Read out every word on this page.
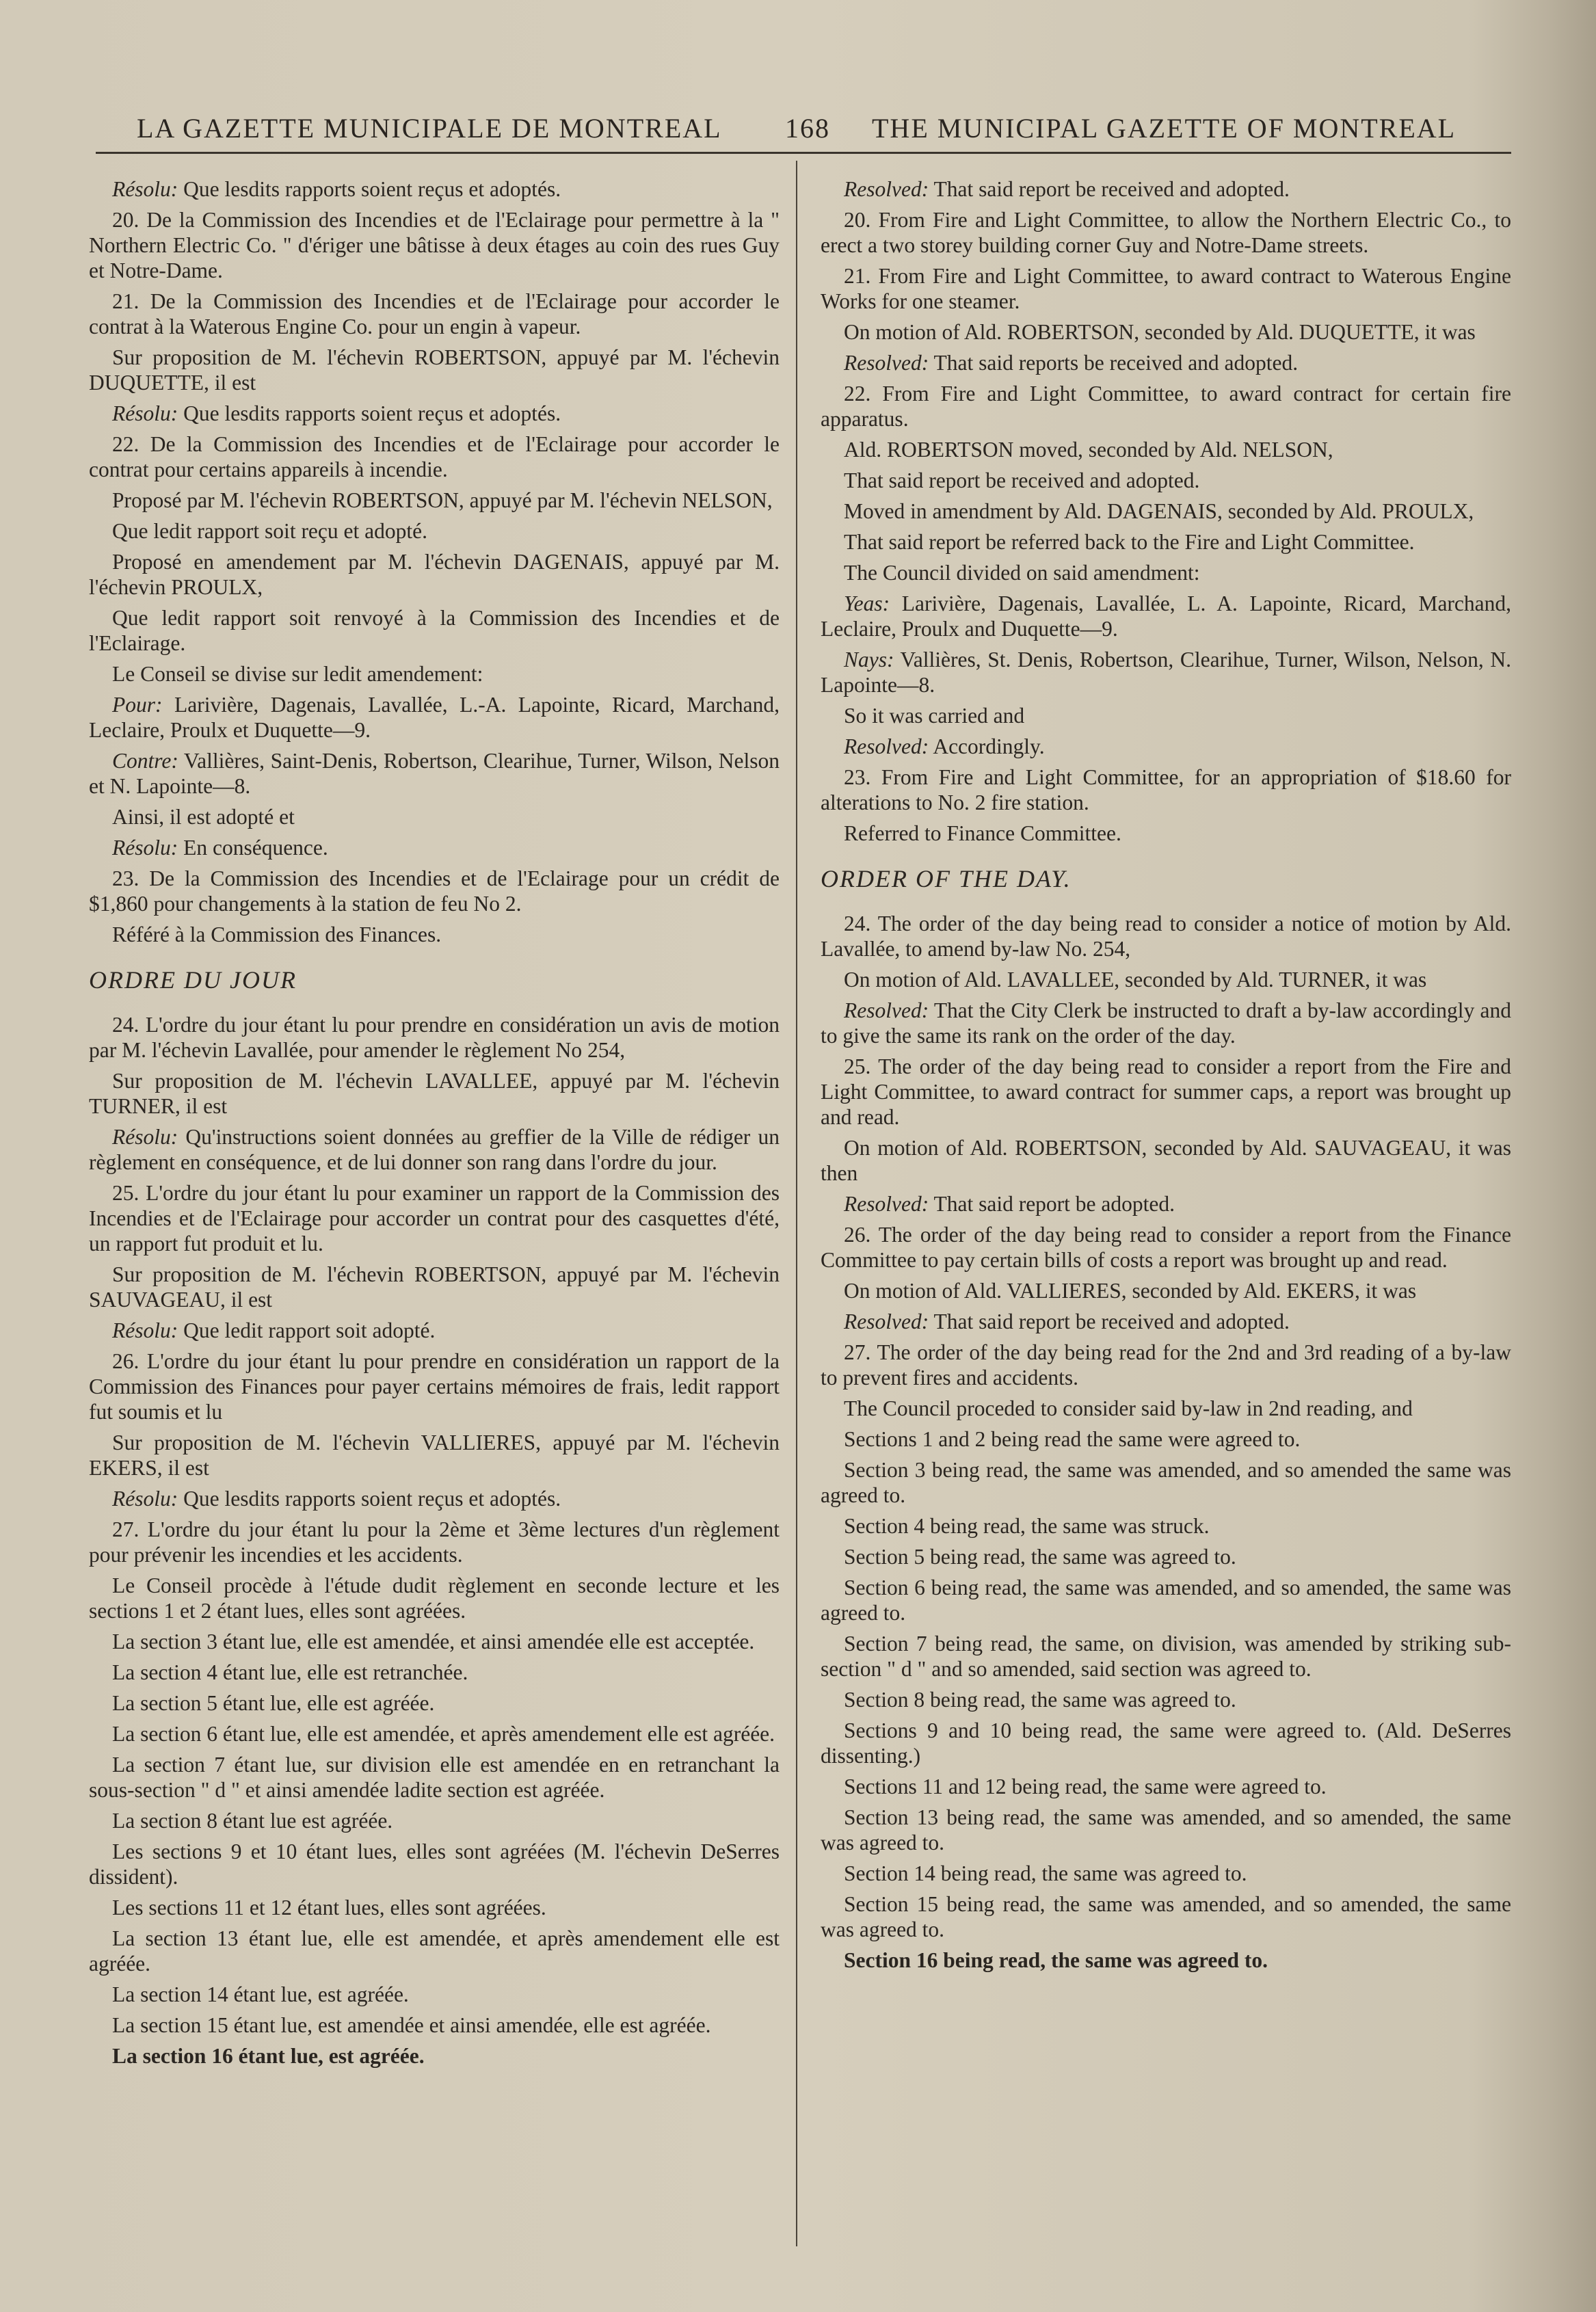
LA GAZETTE MUNICIPALE DE MONTREAL 168 THE MUNICIPAL GAZETTE OF MONTREAL

Résolu: Que lesdits rapports soient reçus et adoptés.

20. De la Commission des Incendies et de l'Eclairage pour permettre à la " Northern Electric Co. " d'ériger une bâtisse à deux étages au coin des rues Guy et Notre-Dame.

21. De la Commission des Incendies et de l'Eclairage pour accorder le contrat à la Waterous Engine Co. pour un engin à vapeur.

Sur proposition de M. l'échevin ROBERTSON, appuyé par M. l'échevin DUQUETTE, il est

Résolu: Que lesdits rapports soient reçus et adoptés.

22. De la Commission des Incendies et de l'Eclairage pour accorder le contrat pour certains appareils à incendie.

Proposé par M. l'échevin ROBERTSON, appuyé par M. l'échevin NELSON,

Que ledit rapport soit reçu et adopté.

Proposé en amendement par M. l'échevin DAGENAIS, appuyé par M. l'échevin PROULX,

Que ledit rapport soit renvoyé à la Commission des Incendies et de l'Eclairage.

Le Conseil se divise sur ledit amendement:

Pour: Larivière, Dagenais, Lavallée, L.-A. Lapointe, Ricard, Marchand, Leclaire, Proulx et Duquette—9.

Contre: Vallières, Saint-Denis, Robertson, Clearihue, Turner, Wilson, Nelson et N. Lapointe—8.

Ainsi, il est adopté et

Résolu: En conséquence.

23. De la Commission des Incendies et de l'Eclairage pour un crédit de $1,860 pour changements à la station de feu No 2.

Référé à la Commission des Finances.

ORDRE DU JOUR

24. L'ordre du jour étant lu pour prendre en considération un avis de motion par M. l'échevin Lavallée, pour amender le règlement No 254,

Sur proposition de M. l'échevin LAVALLEE, appuyé par M. l'échevin TURNER, il est

Résolu: Qu'instructions soient données au greffier de la Ville de rédiger un règlement en conséquence, et de lui donner son rang dans l'ordre du jour.

25. L'ordre du jour étant lu pour examiner un rapport de la Commission des Incendies et de l'Eclairage pour accorder un contrat pour des casquettes d'été, un rapport fut produit et lu.

Sur proposition de M. l'échevin ROBERTSON, appuyé par M. l'échevin SAUVAGEAU, il est

Résolu: Que ledit rapport soit adopté.

26. L'ordre du jour étant lu pour prendre en considération un rapport de la Commission des Finances pour payer certains mémoires de frais, ledit rapport fut soumis et lu

Sur proposition de M. l'échevin VALLIERES, appuyé par M. l'échevin EKERS, il est

Résolu: Que lesdits rapports soient reçus et adoptés.

27. L'ordre du jour étant lu pour la 2ème et 3ème lectures d'un règlement pour prévenir les incendies et les accidents.

Le Conseil procède à l'étude dudit règlement en seconde lecture et les sections 1 et 2 étant lues, elles sont agréées.

La section 3 étant lue, elle est amendée, et ainsi amendée elle est acceptée.

La section 4 étant lue, elle est retranchée.

La section 5 étant lue, elle est agréée.

La section 6 étant lue, elle est amendée, et après amendement elle est agréée.

La section 7 étant lue, sur division elle est amendée en en retranchant la sous-section " d " et ainsi amendée ladite section est agréée.

La section 8 étant lue est agréée.

Les sections 9 et 10 étant lues, elles sont agréées (M. l'échevin DeSerres dissident).

Les sections 11 et 12 étant lues, elles sont agréées.

La section 13 étant lue, elle est amendée, et après amendement elle est agréée.

La section 14 étant lue, est agréée.

La section 15 étant lue, est amendée et ainsi amendée, elle est agréée.

La section 16 étant lue, est agréée.

Resolved: That said report be received and adopted.

20. From Fire and Light Committee, to allow the Northern Electric Co., to erect a two storey building corner Guy and Notre-Dame streets.

21. From Fire and Light Committee, to award contract to Waterous Engine Works for one steamer.

On motion of Ald. ROBERTSON, seconded by Ald. DUQUETTE, it was

Resolved: That said reports be received and adopted.

22. From Fire and Light Committee, to award contract for certain fire apparatus.

Ald. ROBERTSON moved, seconded by Ald. NELSON,

That said report be received and adopted.

Moved in amendment by Ald. DAGENAIS, seconded by Ald. PROULX,

That said report be referred back to the Fire and Light Committee.

The Council divided on said amendment:

Yeas: Larivière, Dagenais, Lavallée, L. A. Lapointe, Ricard, Marchand, Leclaire, Proulx and Duquette—9.

Nays: Vallières, St. Denis, Robertson, Clearihue, Turner, Wilson, Nelson, N. Lapointe—8.

So it was carried and

Resolved: Accordingly.

23. From Fire and Light Committee, for an appropriation of $18.60 for alterations to No. 2 fire station.

Referred to Finance Committee.

ORDER OF THE DAY.

24. The order of the day being read to consider a notice of motion by Ald. Lavallée, to amend by-law No. 254,

On motion of Ald. LAVALLEE, seconded by Ald. TURNER, it was

Resolved: That the City Clerk be instructed to draft a by-law accordingly and to give the same its rank on the order of the day.

25. The order of the day being read to consider a report from the Fire and Light Committee, to award contract for summer caps, a report was brought up and read.

On motion of Ald. ROBERTSON, seconded by Ald. SAUVAGEAU, it was then

Resolved: That said report be adopted.

26. The order of the day being read to consider a report from the Finance Committee to pay certain bills of costs a report was brought up and read.

On motion of Ald. VALLIERES, seconded by Ald. EKERS, it was

Resolved: That said report be received and adopted.

27. The order of the day being read for the 2nd and 3rd reading of a by-law to prevent fires and accidents.

The Council proceded to consider said by-law in 2nd reading, and

Sections 1 and 2 being read the same were agreed to.

Section 3 being read, the same was amended, and so amended the same was agreed to.

Section 4 being read, the same was struck.

Section 5 being read, the same was agreed to.

Section 6 being read, the same was amended, and so amended, the same was agreed to.

Section 7 being read, the same, on division, was amended by striking sub-section " d " and so amended, said section was agreed to.

Section 8 being read, the same was agreed to.

Sections 9 and 10 being read, the same were agreed to. (Ald. DeSerres dissenting.)

Sections 11 and 12 being read, the same were agreed to.

Section 13 being read, the same was amended, and so amended, the same was agreed to.

Section 14 being read, the same was agreed to.

Section 15 being read, the same was amended, and so amended, the same was agreed to.

Section 16 being read, the same was agreed to.
